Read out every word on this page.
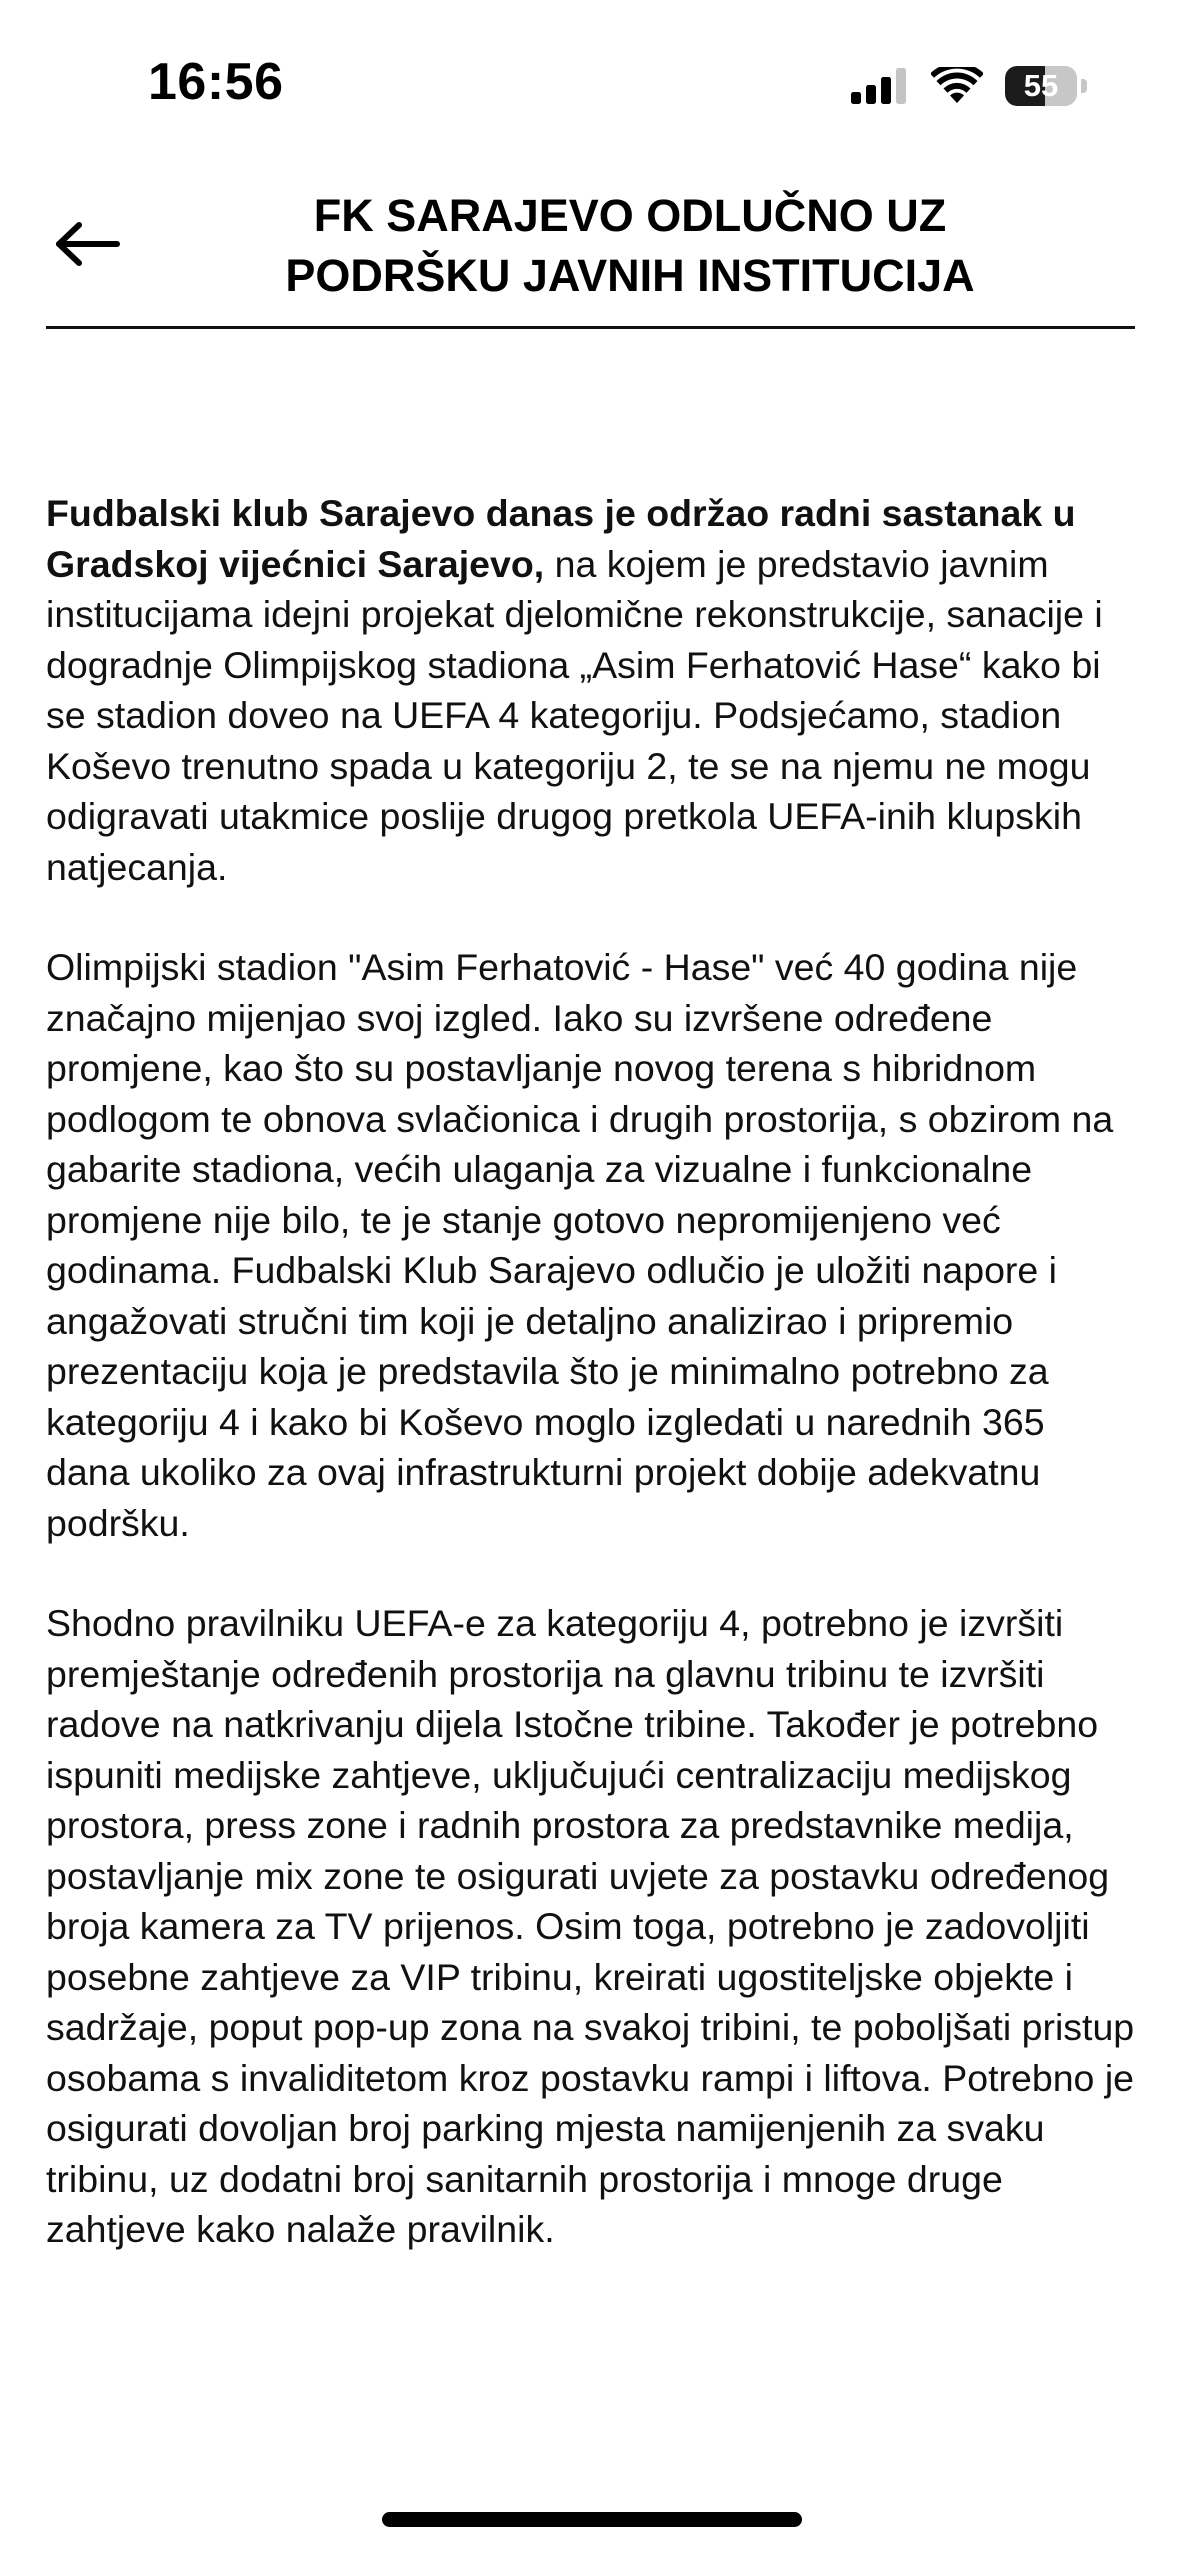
16:56	55
FK SARAJEVO ODLUČNO UZ PODRŠKU JAVNIH INSTITUCIJA

Fudbalski klub Sarajevo danas je održao radni sastanak u Gradskoj vijećnici Sarajevo, na kojem je predstavio javnim institucijama idejni projekat djelomične rekonstrukcije, sanacije i dogradnje Olimpijskog stadiona „Asim Ferhatović Hase“ kako bi se stadion doveo na UEFA 4 kategoriju. Podsjećamo, stadion Koševo trenutno spada u kategoriju 2, te se na njemu ne mogu odigravati utakmice poslije drugog pretkola UEFA-inih klupskih natjecanja.

Olimpijski stadion "Asim Ferhatović - Hase" već 40 godina nije značajno mijenjao svoj izgled. Iako su izvršene određene promjene, kao što su postavljanje novog terena s hibridnom podlogom te obnova svlačionica i drugih prostorija, s obzirom na gabarite stadiona, većih ulaganja za vizualne i funkcionalne promjene nije bilo, te je stanje gotovo nepromijenjeno već godinama. Fudbalski Klub Sarajevo odlučio je uložiti napore i angažovati stručni tim koji je detaljno analizirao i pripremio prezentaciju koja je predstavila što je minimalno potrebno za kategoriju 4 i kako bi Koševo moglo izgledati u narednih 365 dana ukoliko za ovaj infrastrukturni projekt dobije adekvatnu podršku.

Shodno pravilniku UEFA-e za kategoriju 4, potrebno je izvršiti premještanje određenih prostorija na glavnu tribinu te izvršiti radove na natkrivanju dijela Istočne tribine. Također je potrebno ispuniti medijske zahtjeve, uključujući centralizaciju medijskog prostora, press zone i radnih prostora za predstavnike medija, postavljanje mix zone te osigurati uvjete za postavku određenog broja kamera za TV prijenos. Osim toga, potrebno je zadovoljiti posebne zahtjeve za VIP tribinu, kreirati ugostiteljske objekte i sadržaje, poput pop-up zona na svakoj tribini, te poboljšati pristup osobama s invaliditetom kroz postavku rampi i liftova. Potrebno je osigurati dovoljan broj parking mjesta namijenjenih za svaku tribinu, uz dodatni broj sanitarnih prostorija i mnoge druge zahtjeve kako nalaže pravilnik.
